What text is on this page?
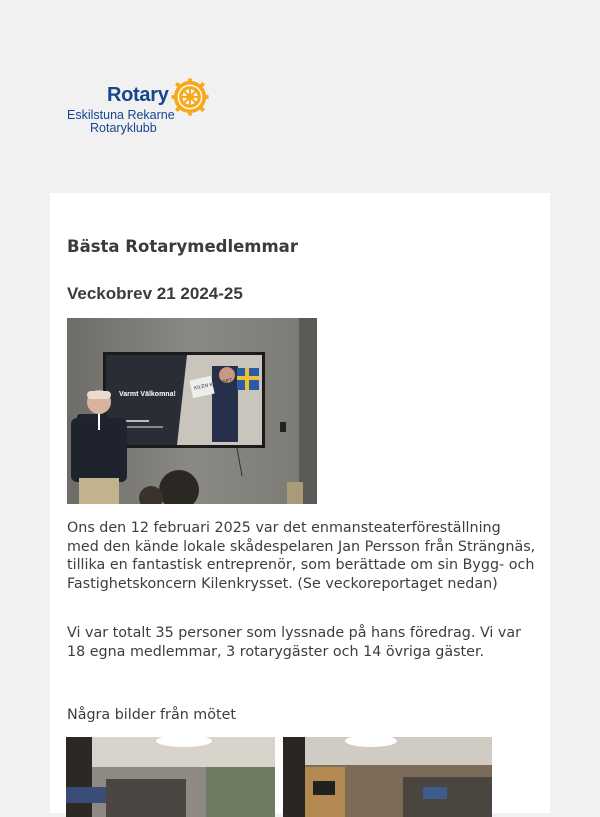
Rotary
Eskilstuna Rekarne
Rotaryklubb
Bästa Rotarymedlemmar
Veckobrev 21 2024-25
KILEN KRYSSET
Varmt Välkomna!

Ons den 12 februari 2025 var det enmansteaterföreställning med den kände lokale skådespelaren Jan Persson från Strängnäs, tillika en fantastisk entreprenör, som berättade om sin Bygg- och Fastighetskoncern Kilenkrysset. (Se veckoreportaget nedan)

Vi var totalt 35 personer som lyssnade på hans föredrag. Vi var 18 egna medlemmar, 3 rotarygäster och 14 övriga gäster.

Några bilder från mötet
